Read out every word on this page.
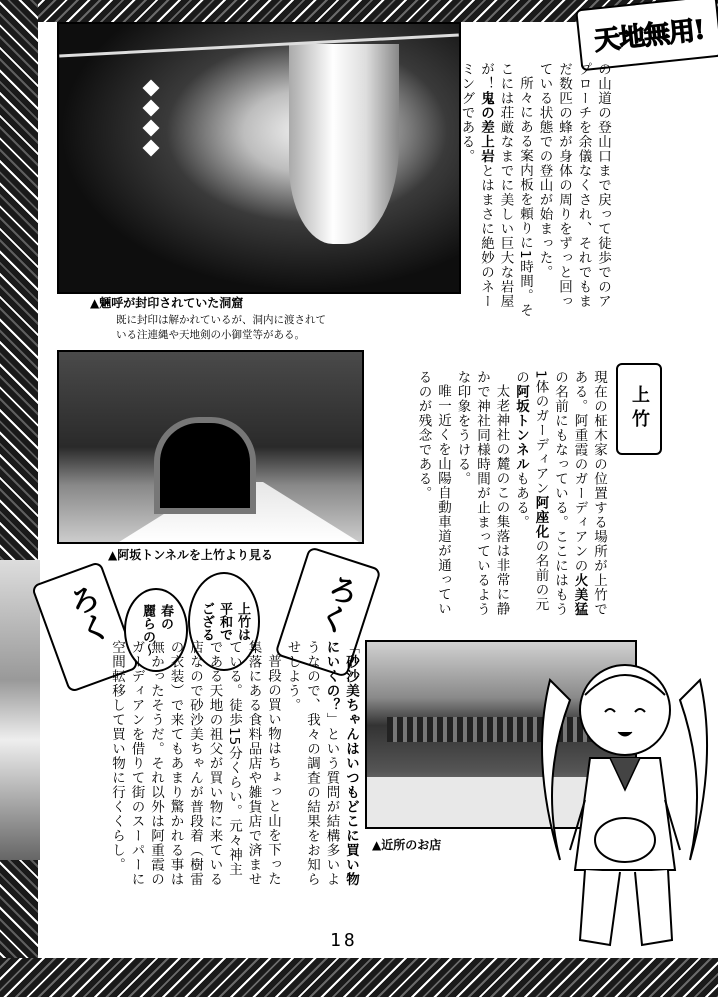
天地無用!
▲魎呼が封印されていた洞窟
既に封印は解かれているが、洞内に渡されて
いる注連縄や天地剣の小御堂等がある。

の山道の登山口まで戻って徒歩でのアプローチを余儀なくされ、それでもまだ数匹の蜂が身体の周りをずっと回っている状態での登山が始まった。

所々にある案内板を頼りに1時間。そこには荘厳なまでに美しい巨大な岩屋が！鬼の差上岩とはまさに絶妙のネーミングである。

▲阿坂トンネルを上竹より見る
上竹

現在の柾木家の位置する場所が上竹である。阿重霞のガーディアンの火美猛の名前にもなっている。ここにはもう1体のガーディアン阿座化の名前の元の阿坂トンネルもある。

太老神社の麓のこの集落は非常に静かで神社同様時間が止まっているような印象をうける。

唯一近くを山陽自動車道が通っているのが残念である。

ろく	春の
麗らの〜	上竹は
平和で
ござる	ろく

「砂沙美ちゃんはいつもどこに買い物にいくの？」という質問が結構多いようなので、我々の調査の結果をお知らせしよう。

普段の買い物はちょっと山を下った集落にある食料品店や雑貨店で済ませている。徒歩15分くらい。元々神主である天地の祖父が買い物に来ている店なので砂沙美ちゃんが普段着（樹雷の衣装）で来てもあまり驚かれる事は無かったそうだ。それ以外は阿重霞のガーディアンを借りて街のスーパーに空間転移して買い物に行くくらし。	▲近所のお店
18
